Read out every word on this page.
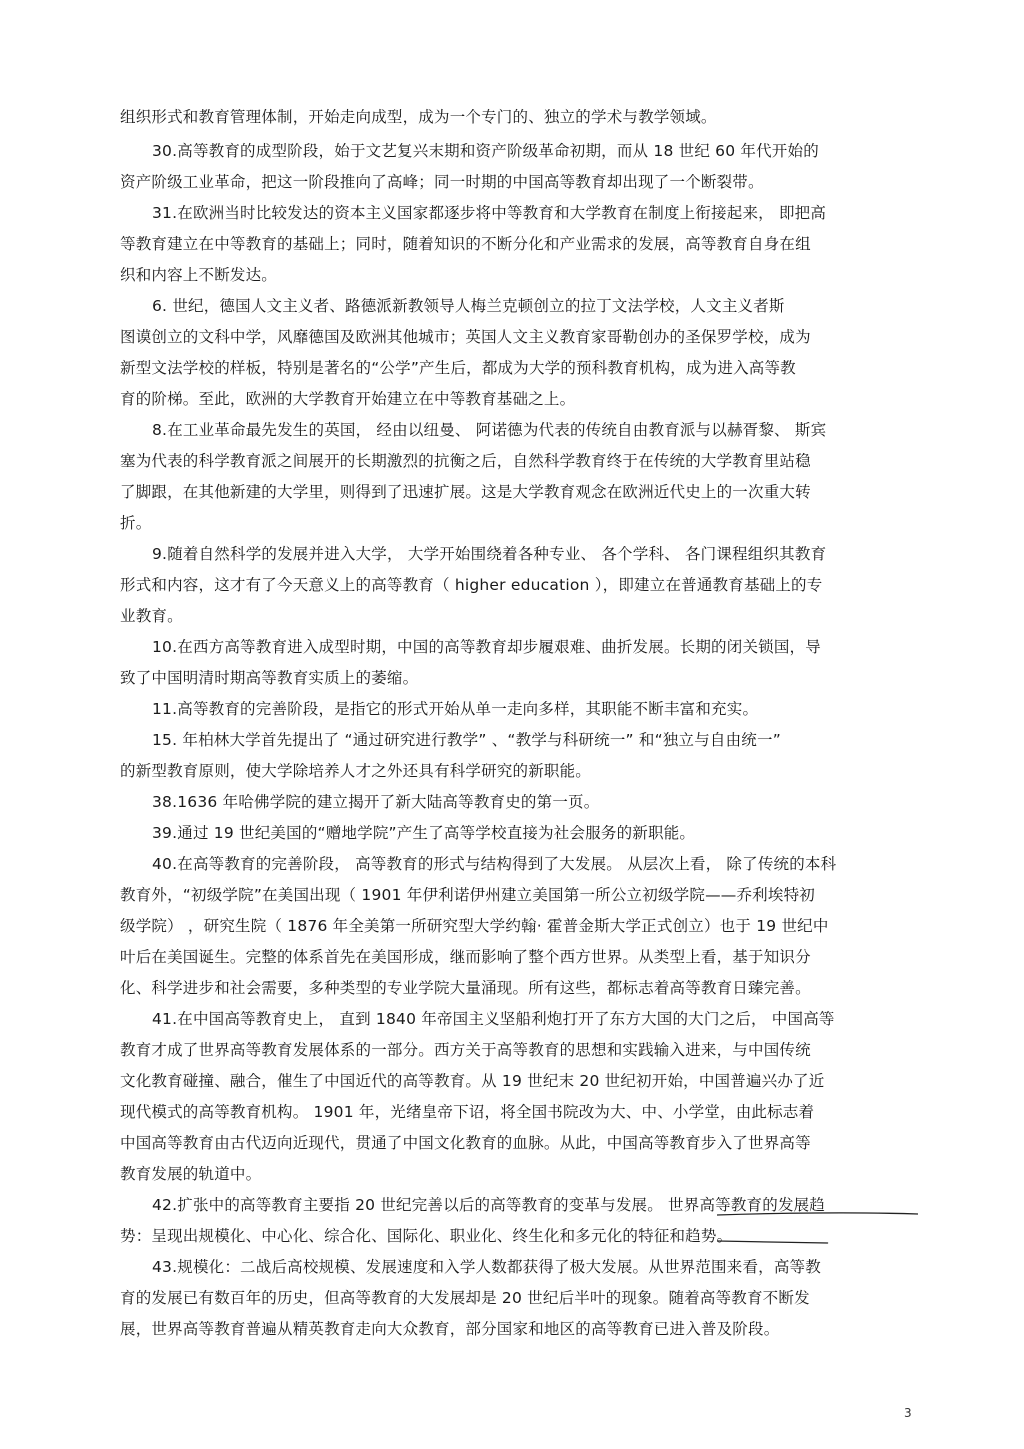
组织形式和教育管理体制，开始走向成型，成为一个专门的、独立的学术与教学领域。
30.高等教育的成型阶段，始于文艺复兴末期和资产阶级革命初期，而从 18 世纪 60 年代开始的
资产阶级工业革命，把这一阶段推向了高峰；同一时期的中国高等教育却出现了一个断裂带。
31.在欧洲当时比较发达的资本主义国家都逐步将中等教育和大学教育在制度上衔接起来， 即把高
等教育建立在中等教育的基础上；同时，随着知识的不断分化和产业需求的发展，高等教育自身在组
织和内容上不断发达。
6. 世纪，德国人文主义者、路德派新教领导人梅兰克顿创立的拉丁文法学校，人文主义者斯
图谟创立的文科中学，风靡德国及欧洲其他城市；英国人文主义教育家哥勒创办的圣保罗学校，成为
新型文法学校的样板，特别是著名的“公学”产生后，都成为大学的预科教育机构，成为进入高等教
育的阶梯。至此，欧洲的大学教育开始建立在中等教育基础之上。
8.在工业革命最先发生的英国， 经由以纽曼、 阿诺德为代表的传统自由教育派与以赫胥黎、 斯宾
塞为代表的科学教育派之间展开的长期激烈的抗衡之后，自然科学教育终于在传统的大学教育里站稳
了脚跟，在其他新建的大学里，则得到了迅速扩展。这是大学教育观念在欧洲近代史上的一次重大转
折。
9.随着自然科学的发展并进入大学， 大学开始围绕着各种专业、 各个学科、 各门课程组织其教育
形式和内容，这才有了今天意义上的高等教育（ higher education ），即建立在普通教育基础上的专
业教育。
10.在西方高等教育进入成型时期，中国的高等教育却步履艰难、曲折发展。长期的闭关锁国，导
致了中国明清时期高等教育实质上的萎缩。
11.高等教育的完善阶段，是指它的形式开始从单一走向多样，其职能不断丰富和充实。
15. 年柏林大学首先提出了 “通过研究进行教学” 、“教学与科研统一” 和“独立与自由统一”
的新型教育原则，使大学除培养人才之外还具有科学研究的新职能。
38.1636 年哈佛学院的建立揭开了新大陆高等教育史的第一页。
39.通过 19 世纪美国的“赠地学院”产生了高等学校直接为社会服务的新职能。
40.在高等教育的完善阶段， 高等教育的形式与结构得到了大发展。 从层次上看， 除了传统的本科
教育外，“初级学院”在美国出现（ 1901 年伊利诺伊州建立美国第一所公立初级学院——乔利埃特初
级学院） ，研究生院（ 1876 年全美第一所研究型大学约翰· 霍普金斯大学正式创立）也于 19 世纪中
叶后在美国诞生。完整的体系首先在美国形成，继而影响了整个西方世界。从类型上看，基于知识分
化、科学进步和社会需要，多种类型的专业学院大量涌现。所有这些，都标志着高等教育日臻完善。
41.在中国高等教育史上， 直到 1840 年帝国主义坚船利炮打开了东方大国的大门之后， 中国高等
教育才成了世界高等教育发展体系的一部分。西方关于高等教育的思想和实践输入进来，与中国传统
文化教育碰撞、融合，催生了中国近代的高等教育。从 19 世纪末 20 世纪初开始，中国普遍兴办了近
现代模式的高等教育机构。 1901 年，光绪皇帝下诏，将全国书院改为大、中、小学堂，由此标志着
中国高等教育由古代迈向近现代，贯通了中国文化教育的血脉。从此，中国高等教育步入了世界高等
教育发展的轨道中。
42.扩张中的高等教育主要指 20 世纪完善以后的高等教育的变革与发展。 世界高等教育的发展趋
势：呈现出规模化、中心化、综合化、国际化、职业化、终生化和多元化的特征和趋势。
43.规模化：二战后高校规模、发展速度和入学人数都获得了极大发展。从世界范围来看，高等教
育的发展已有数百年的历史，但高等教育的大发展却是 20 世纪后半叶的现象。随着高等教育不断发
展，世界高等教育普遍从精英教育走向大众教育，部分国家和地区的高等教育已进入普及阶段。
3
